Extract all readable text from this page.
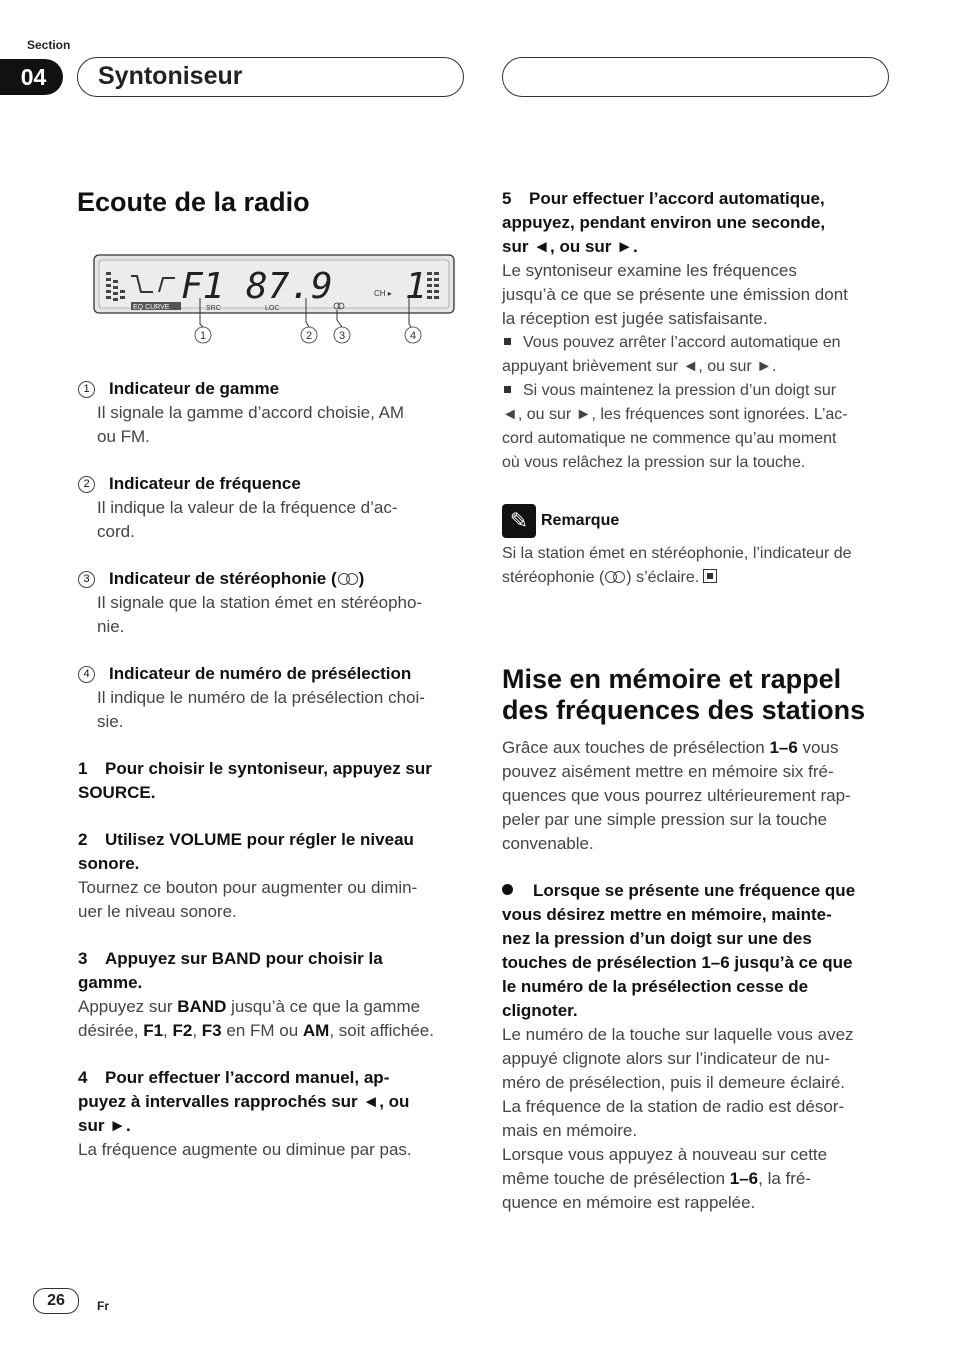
Section
04	Syntoniseur
Ecoute de la radio
F1 87.9 1
EQ CURVE	SRC	LOC
CH ▸
1	2 3	4

1 Indicateur de gamme

Il signale la gamme d’accord choisie, AM

ou FM.

2 Indicateur de fréquence

Il indique la valeur de la fréquence d’ac-

cord.

3 Indicateur de stéréophonie ( )

Il signale que la station émet en stéréopho-

nie.

4 Indicateur de numéro de présélection

Il indique le numéro de la présélection choi-

sie.

1 Pour choisir le syntoniseur, appuyez sur

SOURCE.

2 Utilisez VOLUME pour régler le niveau

sonore.

Tournez ce bouton pour augmenter ou dimin-

uer le niveau sonore.

3 Appuyez sur BAND pour choisir la

gamme.

Appuyez sur BAND jusqu’à ce que la gamme

désirée, F1, F2, F3 en FM ou AM, soit affichée.

4 Pour effectuer l’accord manuel, ap-

puyez à intervalles rapprochés sur ◄, ou

sur ►.

La fréquence augmente ou diminue par pas.

5 Pour effectuer l’accord automatique,

appuyez, pendant environ une seconde,

sur ◄, ou sur ►.

Le syntoniseur examine les fréquences

jusqu’à ce que se présente une émission dont

la réception est jugée satisfaisante.

Vous pouvez arrêter l’accord automatique en

appuyant brièvement sur ◄, ou sur ►.

Si vous maintenez la pression d’un doigt sur

◄, ou sur ►, les fréquences sont ignorées. L’ac-

cord automatique ne commence qu’au moment

où vous relâchez la pression sur la touche.

✎ Remarque

Si la station émet en stéréophonie, l’indicateur de

stéréophonie ( ) s’éclaire.

Mise en mémoire et rappel
des fréquences des stations

Grâce aux touches de présélection 1–6 vous

pouvez aisément mettre en mémoire six fré-

quences que vous pourrez ultérieurement rap-

peler par une simple pression sur la touche

convenable.

Lorsque se présente une fréquence que

vous désirez mettre en mémoire, mainte-

nez la pression d’un doigt sur une des

touches de présélection 1–6 jusqu’à ce que

le numéro de la présélection cesse de

clignoter.

Le numéro de la touche sur laquelle vous avez

appuyé clignote alors sur l’indicateur de nu-

méro de présélection, puis il demeure éclairé.

La fréquence de la station de radio est désor-

mais en mémoire.

Lorsque vous appuyez à nouveau sur cette

même touche de présélection 1–6, la fré-

quence en mémoire est rappelée.

26	Fr
